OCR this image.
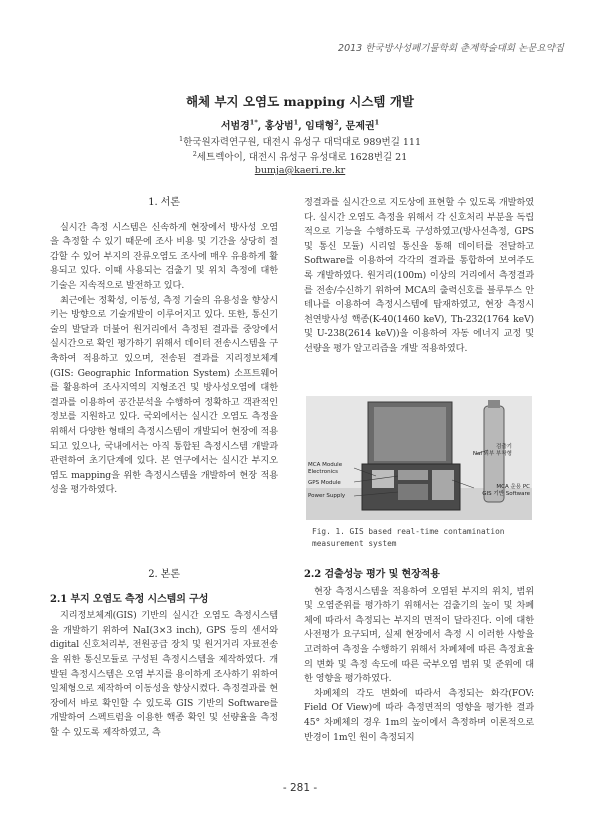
2013 한국방사성폐기물학회 춘계학술대회 논문요약집
해체 부지 오염도 mapping 시스템 개발
서범경$^{1*}$, 홍상범$^1$, 임태형$^2$, 문제권$^1$
$^1$한국원자력연구원, 대전시 유성구 대덕대로 989번길 111
$^2$세트렉아이, 대전시 유성구 유성대로 1628번길 21
bumja@kaeri.re.kr
1. 서론

실시간 측정 시스템은 신속하게 현장에서 방사성 오염을 측정할 수 있기 때문에 조사 비용 및 기간을 상당히 절감할 수 있어 부지의 잔류오염도 조사에 매우 유용하게 활용되고 있다. 이때 사용되는 검출기 및 위치 측정에 대한 기술은 지속적으로 발전하고 있다.

최근에는 정확성, 이동성, 측정 기술의 유용성을 향상시키는 방향으로 기술개발이 이루어지고 있다. 또한, 통신기술의 발달과 더불어 원거리에서 측정된 결과를 중앙에서 실시간으로 확인 평가하기 위해서 데이터 전송시스템을 구축하여 적용하고 있으며, 전송된 결과를 지리정보체계(GIS: Geographic Information System) 소프트웨어를 활용하여 조사지역의 지형조건 및 방사성오염에 대한 결과를 이용하여 공간분석을 수행하여 정확하고 객관적인 정보를 지원하고 있다. 국외에서는 실시간 오염도 측정을 위해서 다양한 형태의 측정시스템이 개발되어 현장에 적용되고 있으나, 국내에서는 아직 통합된 측정시스템 개발과 관련하여 초기단계에 있다. 본 연구에서는 실시간 부지오염도 mapping을 위한 측정시스템을 개발하여 현장 적용성을 평가하였다.

정결과를 실시간으로 지도상에 표현할 수 있도록 개발하였다. 실시간 오염도 측정을 위해서 각 신호처리 부분을 독립적으로 기능을 수행하도록 구성하였고(방사선측정, GPS 및 통신 모듈) 시리얼 통신을 통해 데이터를 전달하고 Software를 이용하여 각각의 결과를 통합하여 보여주도록 개발하였다. 원거리(100m) 이상의 거리에서 측정결과를 전송/수신하기 위하여 MCA의 출력신호를 블루투스 안테나를 이용하여 측정시스템에 탑재하였고, 현장 측정시 천연방사성 핵종(K-40(1460 keV), Th-232(1764 keV) 및 U-238(2614 keV))을 이용하여 자동 에너지 교정 및 선량을 평가 알고리즘을 개발 적용하였다.

MCA Module
Electronics
GPS Module
Power Supply
검출기
NaI 외부 부착형
MCA 운용 PC
GIS 기반 Software
Fig. 1. GIS based real-time contamination measurement system
2. 본론
2.1 부지 오염도 측정 시스템의 구성

지리정보체계(GIS) 기반의 실시간 오염도 측정시스템을 개발하기 위하여 NaI(3×3 inch), GPS 등의 센서와 digital 신호처리부, 전원공급 장치 및 원거거리 자료전송을 위한 통신모듈로 구성된 측정시스템을 제작하였다. 개발된 측정시스템은 오염 부지를 용이하게 조사하기 위하여 일체형으로 제작하여 이동성을 향상시켰다. 측정결과를 현장에서 바로 확인할 수 있도록 GIS 기반의 Software를 개발하여 스펙트럼을 이용한 핵종 확인 및 선량율을 측정할 수 있도록 제작하였고, 측

2.2 검출성능 평가 및 현장적용

현장 측정시스템을 적용하여 오염된 부지의 위치, 범위 및 오염준위를 평가하기 위해서는 검출기의 높이 및 차폐체에 따라서 측정되는 부지의 면적이 달라진다. 이에 대한 사전평가 요구되며, 실제 현장에서 측정 시 이러한 사항을 고려하여 측정을 수행하기 위해서 차폐체에 따른 측정효율의 변화 및 측정 속도에 따른 국부오염 범위 및 준위에 대한 영향을 평가하였다.

차폐체의 각도 변화에 따라서 측정되는 화각(FOV: Field Of View)에 따라 측정면적의 영향을 평가한 결과 45° 차폐체의 경우 1m의 높이에서 측정하며 이론적으로 반경이 1m인 원이 측정되지

- 281 -
